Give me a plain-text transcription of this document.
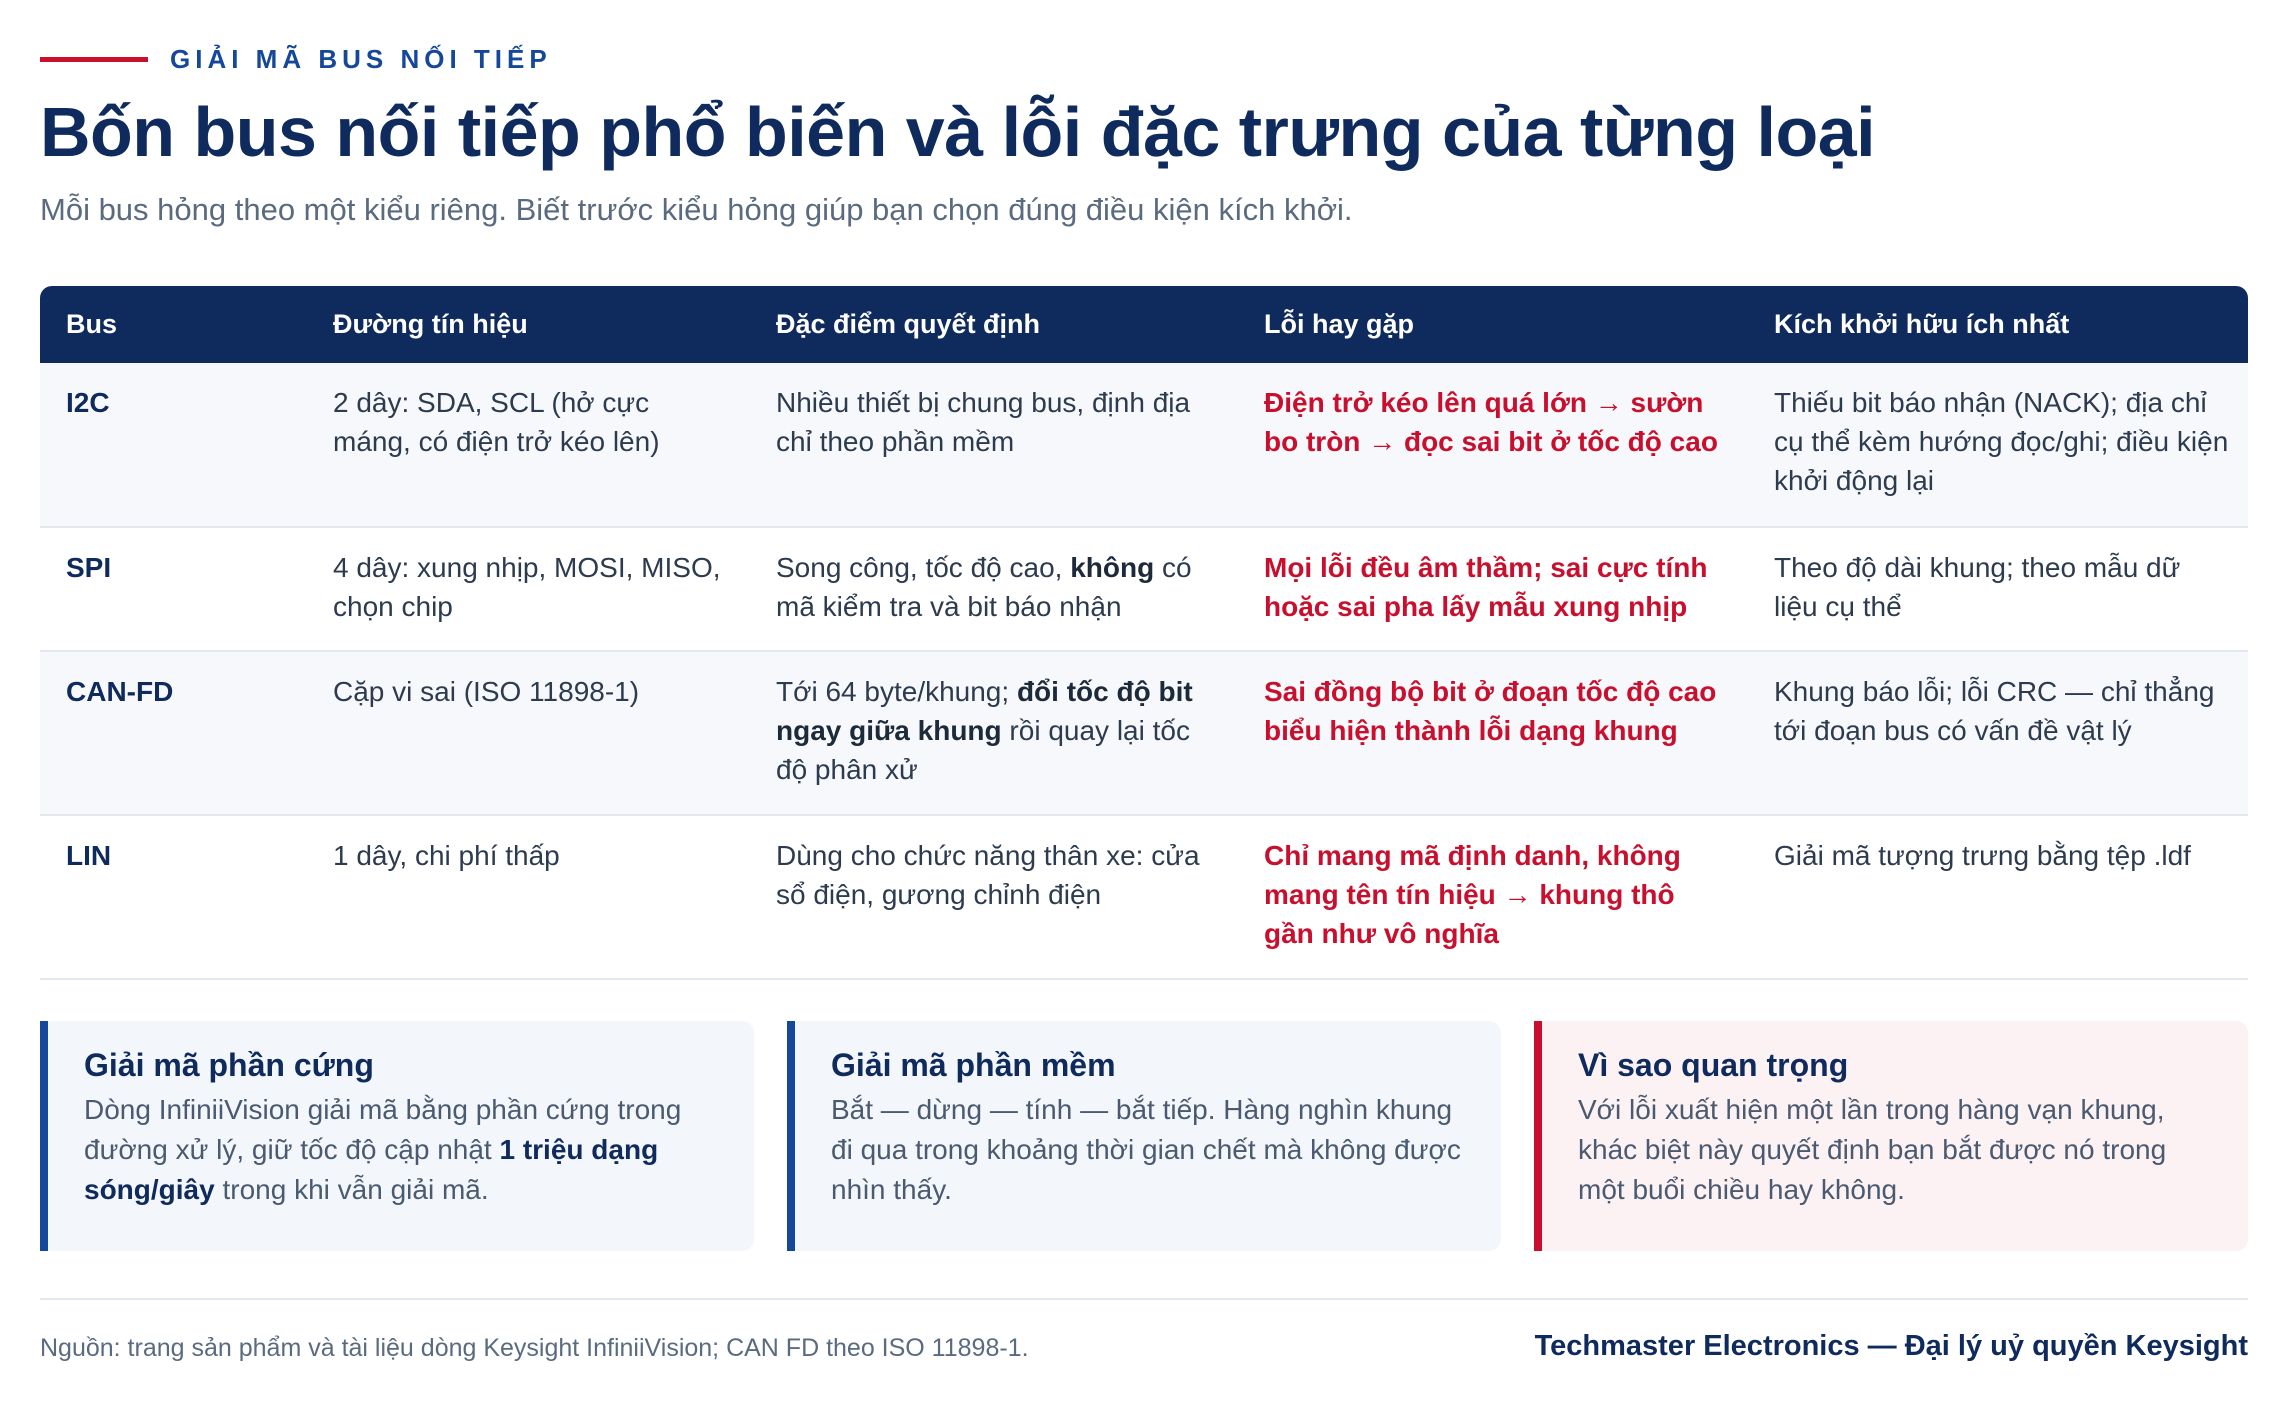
GIẢI MÃ BUS NỐI TIẾP
Bốn bus nối tiếp phổ biến và lỗi đặc trưng của từng loại
Mỗi bus hỏng theo một kiểu riêng. Biết trước kiểu hỏng giúp bạn chọn đúng điều kiện kích khởi.
Bus	Đường tín hiệu	Đặc điểm quyết định	Lỗi hay gặp	Kích khởi hữu ích nhất
I2C	2 dây: SDA, SCL (hở cực máng, có điện trở kéo lên)	Nhiều thiết bị chung bus, định địa chỉ theo phần mềm	Điện trở kéo lên quá lớn → sườn bo tròn → đọc sai bit ở tốc độ cao	Thiếu bit báo nhận (NACK); địa chỉ cụ thể kèm hướng đọc/ghi; điều kiện khởi động lại
SPI	4 dây: xung nhịp, MOSI, MISO, chọn chip	Song công, tốc độ cao, không có mã kiểm tra và bit báo nhận	Mọi lỗi đều âm thầm; sai cực tính hoặc sai pha lấy mẫu xung nhịp	Theo độ dài khung; theo mẫu dữ liệu cụ thể
CAN-FD	Cặp vi sai (ISO 11898-1)	Tới 64 byte/khung; đổi tốc độ bit ngay giữa khung rồi quay lại tốc độ phân xử	Sai đồng bộ bit ở đoạn tốc độ cao biểu hiện thành lỗi dạng khung	Khung báo lỗi; lỗi CRC — chỉ thẳng tới đoạn bus có vấn đề vật lý
LIN	1 dây, chi phí thấp	Dùng cho chức năng thân xe: cửa sổ điện, gương chỉnh điện	Chỉ mang mã định danh, không mang tên tín hiệu → khung thô gần như vô nghĩa	Giải mã tượng trưng bằng tệp .ldf
Giải mã phần cứng

Dòng InfiniiVision giải mã bằng phần cứng trong đường xử lý, giữ tốc độ cập nhật 1 triệu dạng sóng/giây trong khi vẫn giải mã.

Giải mã phần mềm

Bắt — dừng — tính — bắt tiếp. Hàng nghìn khung đi qua trong khoảng thời gian chết mà không được nhìn thấy.

Vì sao quan trọng

Với lỗi xuất hiện một lần trong hàng vạn khung, khác biệt này quyết định bạn bắt được nó trong một buổi chiều hay không.

Nguồn: trang sản phẩm và tài liệu dòng Keysight InfiniiVision; CAN FD theo ISO 11898-1.	Techmaster Electronics — Đại lý uỷ quyền Keysight
